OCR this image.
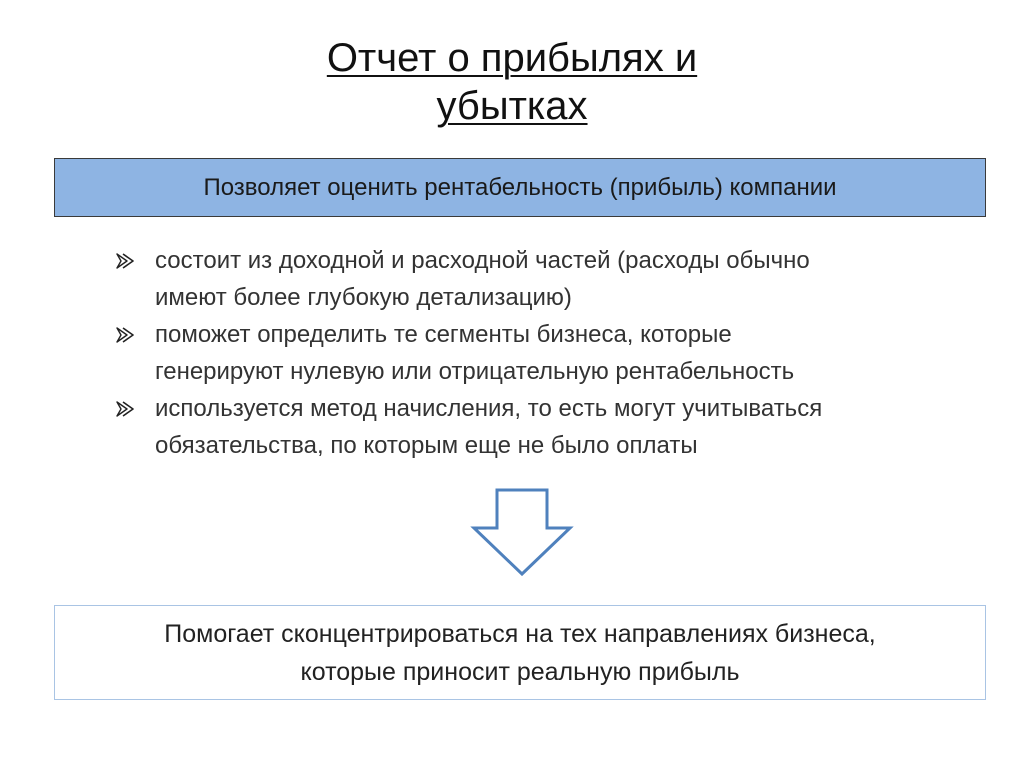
Отчет о прибылях и
убытках
Позволяет оценить рентабельность (прибыль) компании
состоит из доходной и расходной частей (расходы обычно
имеют более глубокую детализацию)
поможет определить те сегменты бизнеса, которые
генерируют нулевую или отрицательную рентабельность
используется метод начисления, то есть могут учитываться
обязательства, по которым еще не было оплаты
Помогает сконцентрироваться на тех направлениях бизнеса,
которые приносит реальную прибыль
